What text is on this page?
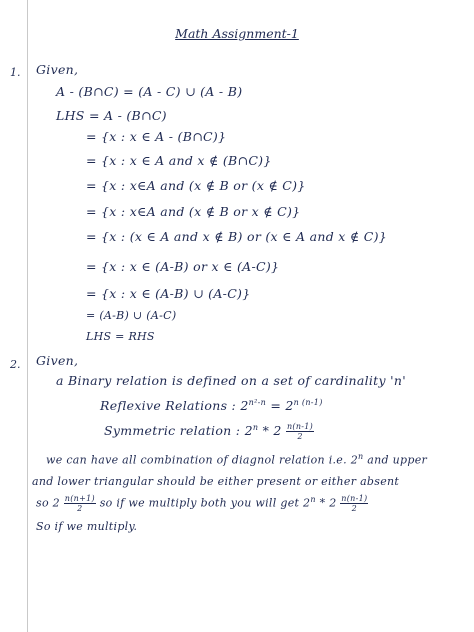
Math Assignment-1
1. Given,
A - (B∩C) = (A - C) ∪ (A - B)
LHS = A - (B∩C)
= {x : x ∈ A - (B∩C)}
= {x : x ∈ A and x ∉ (B∩C)}
= {x : x∈A and (x ∉ B or (x ∉ C)}
= {x : x∈A and (x ∉ B or x ∉ C)}
= {x : (x ∈ A and x ∉ B) or (x ∈ A and x ∉ C)}
= {x : x ∈ (A-B) or x ∈ (A-C)}
= {x : x ∈ (A-B) ∪ (A-C)}
= (A-B) ∪ (A-C)
LHS = RHS
2. Given,
a Binary relation is defined on a set of cardinality 'n'
Reflexive Relations : $2^{n^2-n} = 2^{n (n-1)}$
Symmetric relation : $2^n * 2 \frac{n(n-1)}{2}$
we can have all combination of diagnol relation i.e. 2$^n$ and upper
and lower triangular should be either present or either absent
so $2 \frac{n(n+1)}{2}$ so if we multiply both you will get $2^n * 2 \frac{n(n-1)}{2}$
So if we multiply.
